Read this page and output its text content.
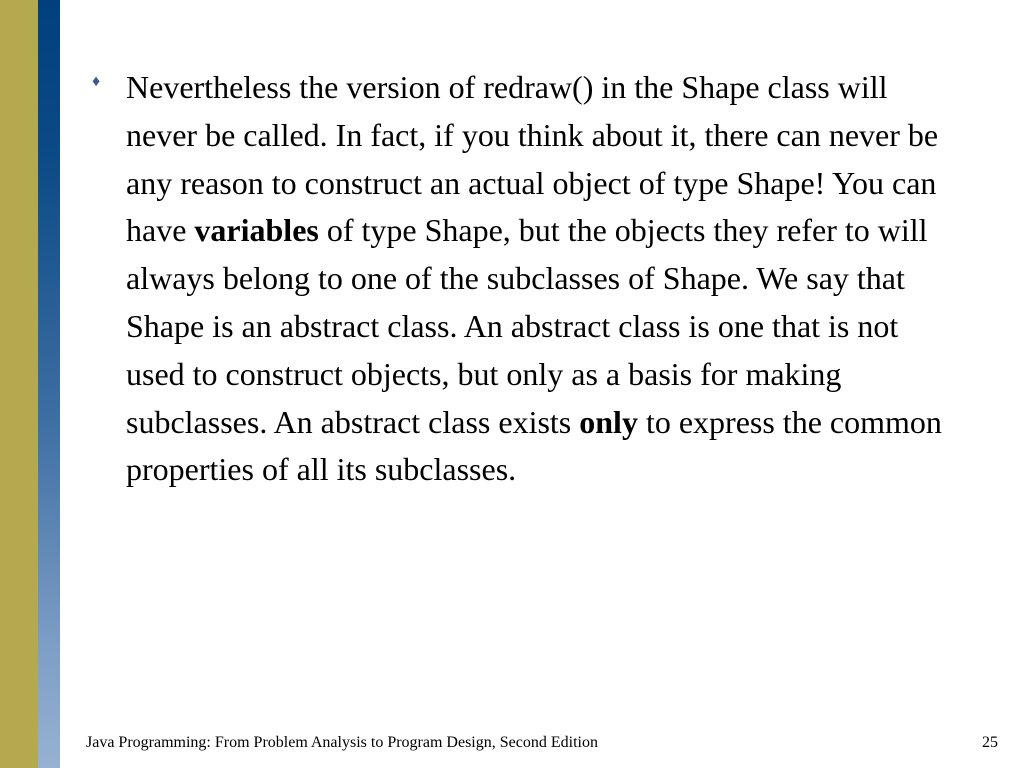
♦ Nevertheless the version of redraw() in the Shape class will never be called. In fact, if you think about it, there can never be any reason to construct an actual object of type Shape! You can have variables of type Shape, but the objects they refer to will always belong to one of the subclasses of Shape. We say that Shape is an abstract class. An abstract class is one that is not used to construct objects, but only as a basis for making subclasses. An abstract class exists only to express the common properties of all its subclasses.

Java Programming: From Problem Analysis to Program Design, Second Edition	25
